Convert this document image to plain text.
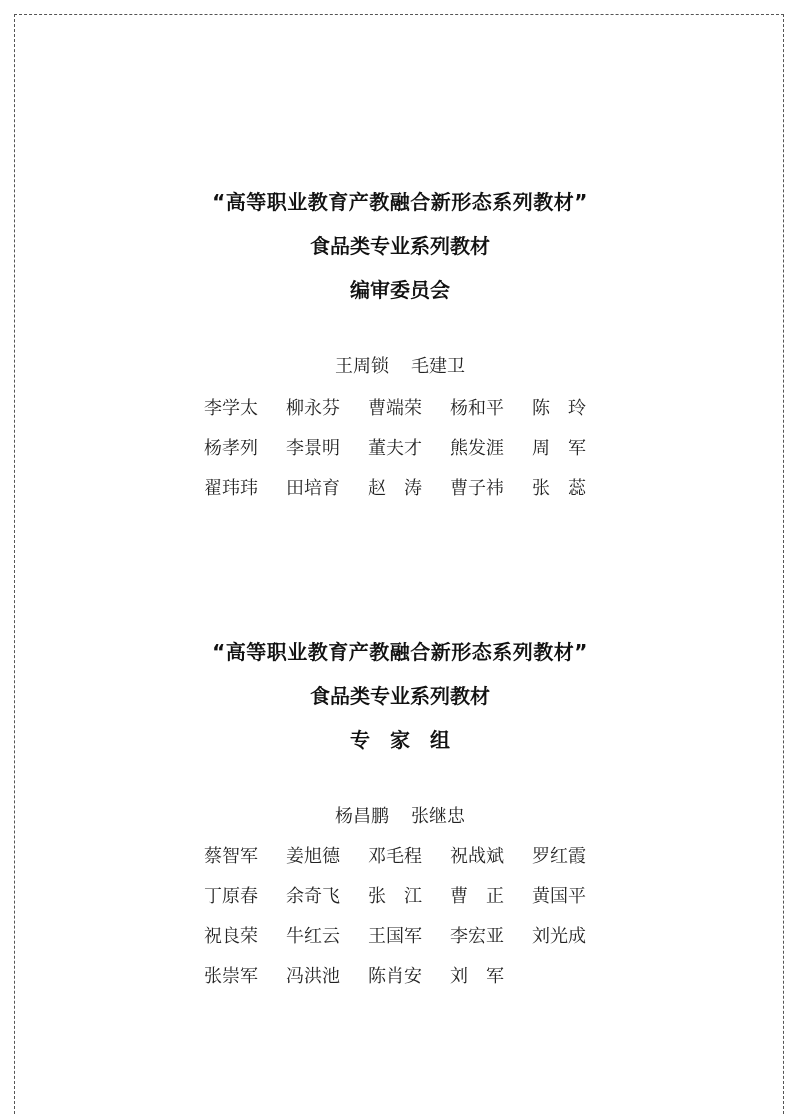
“高等职业教育产教融合新形态系列教材”
食品类专业系列教材
编审委员会
王周锁 毛建卫
李学太 柳永芬 曹端荣 杨和平 陈　玲
杨孝列 李景明 董夫才 熊发涯 周　军
翟玮玮 田培育 赵　涛 曹子祎 张　蕊
“高等职业教育产教融合新形态系列教材”
食品类专业系列教材
专　家　组
杨昌鹏 张继忠
蔡智军 姜旭德 邓毛程 祝战斌 罗红霞
丁原春 余奇飞 张　江 曹　正 黄国平
祝良荣 牛红云 王国军 李宏亚 刘光成
张崇军 冯洪池 陈肖安 刘　军
